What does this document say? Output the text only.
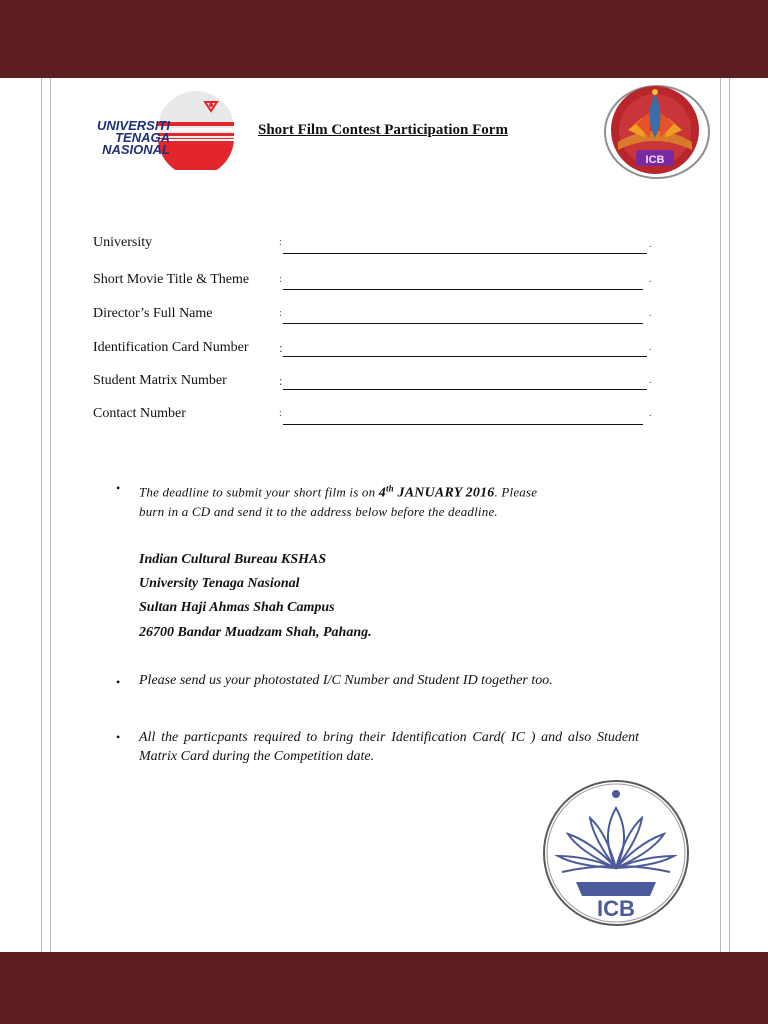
UNIVERSITI
TENAGA
NASIONAL
Short Film Contest Participation Form
ICB
University	:	.
Short Movie Title & Theme	:	.
Director’s Full Name	:	.
Identification Card Number :	.
Student Matrix Number	:	.
Contact Number	:	.
• The deadline to submit your short film is on 4th JANUARY 2016. Please
burn in a CD and send it to the address below before the deadline.
Indian Cultural Bureau KSHAS
University Tenaga Nasional
Sultan Haji Ahmas Shah Campus
26700 Bandar Muadzam Shah, Pahang.
• Please send us your photostated I/C Number and Student ID together too.
• All the particpants required to bring their Identification Card( IC ) and also Student Matrix Card during the Competition date.
ICB
